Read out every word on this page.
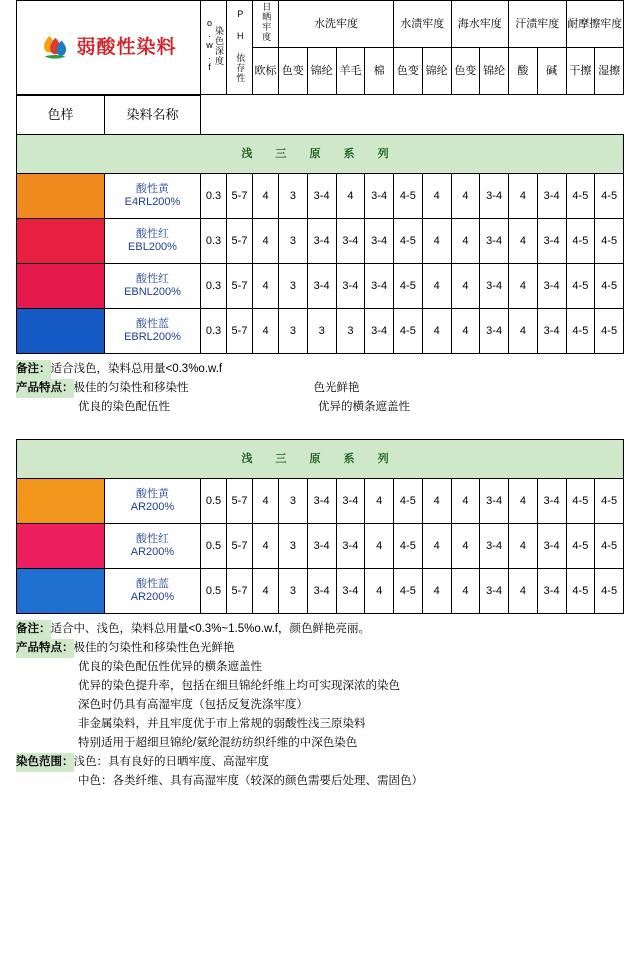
弱酸性染料		染色深度 o.w.f	P H 依存性	日晒牢度	水洗牢度				水渍牢度		海水牢度		汗渍牢度		耐摩擦牢度	
				欧标	色变	锦纶	羊毛	棉	色变	锦纶	色变	锦纶	酸	碱	干擦	湿擦

色样	染料名称															
浅 三 原 系 列																

	酸性黄
E4RL200%	0.3	5-7	4	3	3-4	4	3-4	4-5	4	4	3-4	4	3-4	4-5	4-5

	酸性红
EBL200%	0.3	5-7	4	3	3-4	3-4	3-4	4-5	4	4	3-4	4	3-4	4-5	4-5

	酸性红
EBNL200%	0.3	5-7	4	3	3-4	3-4	3-4	4-5	4	4	3-4	4	3-4	4-5	4-5

	酸性蓝
EBRL200%	0.3	5-7	4	3	3	3	3-4	4-5	4	4	3-4	4	3-4	4-5	4-5
备注： 适合浅色，染料总用量<0.3%o.w.f
产品特点： 极佳的匀染性和移染性	色光鲜艳
优良的染色配伍性	优异的横条遮盖性
浅 三 原 系 列																

	酸性黄
AR200%	0.5	5-7	4	3	3-4	3-4	4	4-5	4	4	3-4	4	3-4	4-5	4-5

	酸性红
AR200%	0.5	5-7	4	3	3-4	3-4	4	4-5	4	4	3-4	4	3-4	4-5	4-5

	酸性蓝
AR200%	0.5	5-7	4	3	3-4	3-4	4	4-5	4	4	3-4	4	3-4	4-5	4-5
备注： 适合中、浅色，染料总用量<0.3%~1.5%o.w.f，颜色鲜艳亮丽。
产品特点： 极佳的匀染性和移染性色光鲜艳
优良的染色配伍性优异的横条遮盖性
优异的染色提升率，包括在细旦锦纶纤维上均可实现深浓的染色
深色时仍具有高湿牢度（包括反复洗涤牢度）
非金属染料，并且牢度优于市上常规的弱酸性浅三原染料
特别适用于超细旦锦纶/氨纶混纺纺织纤维的中深色染色
染色范围： 浅色：具有良好的日晒牢度、高湿牢度
中色：各类纤维、具有高湿牢度（较深的颜色需要后处理、需固色）
